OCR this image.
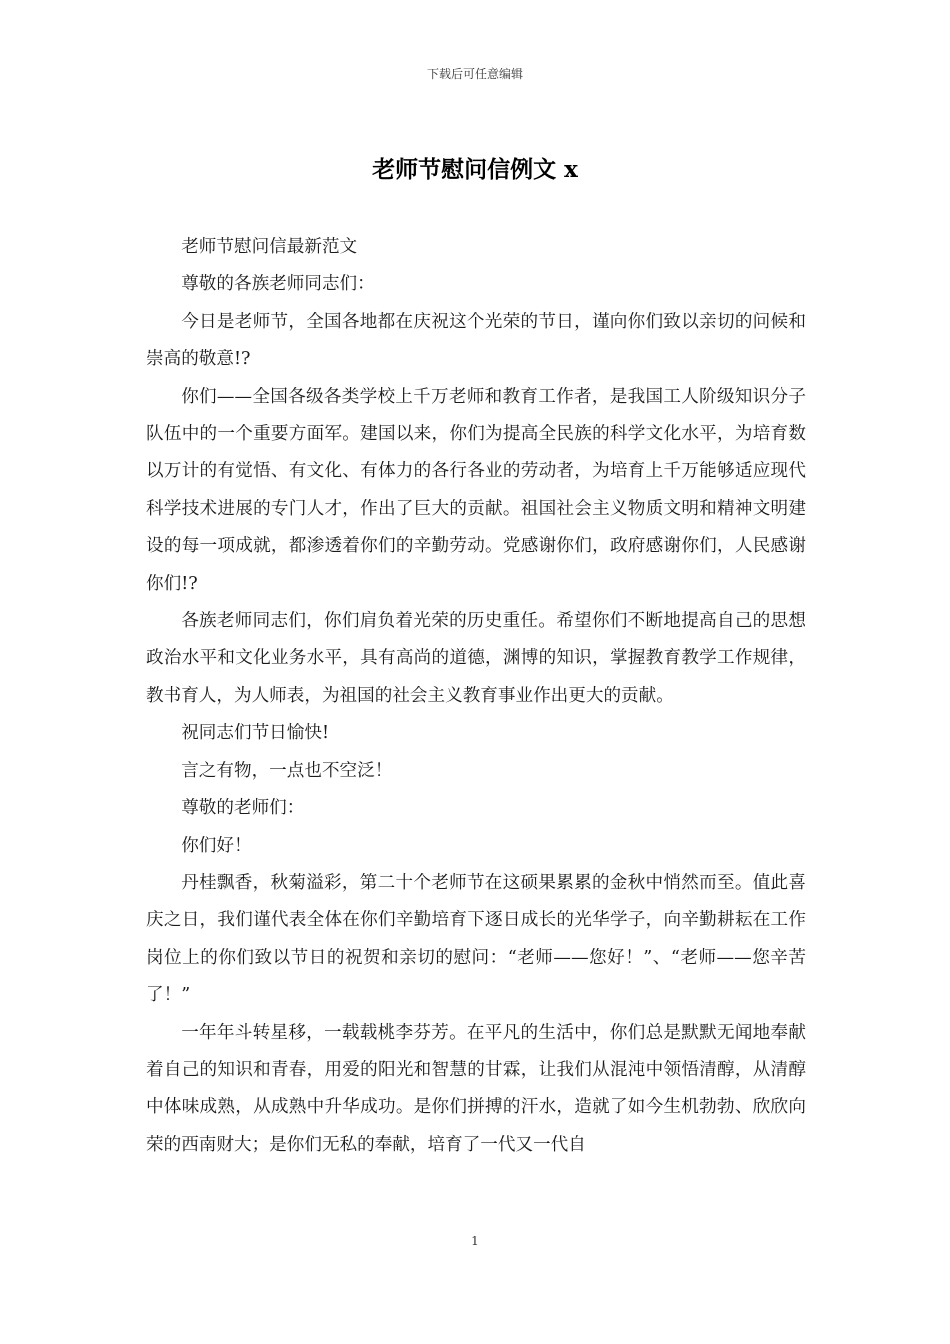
下载后可任意编辑
老师节慰问信例文 x

老师节慰问信最新范文

尊敬的各族老师同志们：

今日是老师节，全国各地都在庆祝这个光荣的节日，谨向你们致以亲切的问候和崇高的敬意!?

你们——全国各级各类学校上千万老师和教育工作者，是我国工人阶级知识分子队伍中的一个重要方面军。建国以来，你们为提高全民族的科学文化水平，为培育数以万计的有觉悟、有文化、有体力的各行各业的劳动者，为培育上千万能够适应现代科学技术进展的专门人才，作出了巨大的贡献。祖国社会主义物质文明和精神文明建设的每一项成就，都渗透着你们的辛勤劳动。党感谢你们，政府感谢你们，人民感谢你们!?

各族老师同志们，你们肩负着光荣的历史重任。希望你们不断地提高自己的思想政治水平和文化业务水平，具有高尚的道德，渊博的知识，掌握教育教学工作规律，教书育人，为人师表，为祖国的社会主义教育事业作出更大的贡献。

祝同志们节日愉快!

言之有物，一点也不空泛！

尊敬的老师们：

你们好！

丹桂飘香，秋菊溢彩，第二十个老师节在这硕果累累的金秋中悄然而至。值此喜庆之日，我们谨代表全体在你们辛勤培育下逐日成长的光华学子，向辛勤耕耘在工作岗位上的你们致以节日的祝贺和亲切的慰问：“老师——您好！”、“老师——您辛苦了！”

一年年斗转星移，一载载桃李芬芳。在平凡的生活中，你们总是默默无闻地奉献着自己的知识和青春，用爱的阳光和智慧的甘霖，让我们从混沌中领悟清醇，从清醇中体味成熟，从成熟中升华成功。是你们拼搏的汗水，造就了如今生机勃勃、欣欣向荣的西南财大；是你们无私的奉献，培育了一代又一代自

1
